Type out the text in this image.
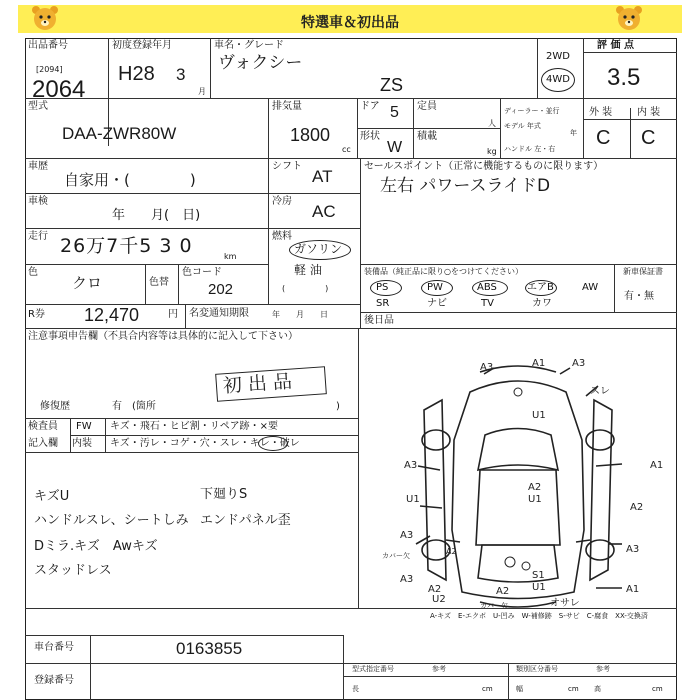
特選車＆初出品
出品番号
[2094]
2064
初度登録年月
H28 3
月
車名・グレード
ヴォクシー
ZS
2WD
4WD
評 価 点
3.5
型式
DAA-ZWR80W
排気量
1800
cc
ドア 5
形状
W
定員
人
積載
kg
ディーラー・並行
モデル 年式
年
ハンドル 左・右
外 装 内 装
C C
車歴
自家用・(　　　　)
シフト
AT
車検
年　　月(　日)
冷房
AC
走行 26万7千5 3 0	km
燃料
ガソリン
軽 油
(　　　　　)
色
クロ	色替
色コード
202
R券 12,470	円 名変通知期限	年　　月　　日
セールスポイント（正常に機能するものに限ります）
左右 パワースライドD
装備品（純正品に限り○をつけてください）	新車保証書
有・無
PS	PW	ABS	エアB	AW
SR	ナビ	TV	カワ
後日品
注意事項申告欄（不具合内容等は具体的に記入して下さい）
初出品
修復歴	有　(箇所	)
検査員
記入欄
FW キズ・飛石・ヒビ割・リペア跡・×要
内装 キズ・汚レ・コゲ・穴・スレ・キレ・破レ
キズU
ハンドルスレ、シートしみ
Dミラ.キズ　Awキズ
スタッドレス
下廻りS
エンドパネル歪
A3	A1	A3
スレ
U1
A1
A3
A2
U1
A2
U1
A3
カバー欠	A2
A3
A2
U2
S1
U1
A2
オサレ
A3
カバー欠
A1
A-キズ　E-エクボ　U-凹み　W-補修跡　S-サビ　C-腐食　XX-交換済
車台番号	0163855
登録番号
型式指定番号	参考	類別区分番号	参考
長	cm	幅	cm 高	cm
